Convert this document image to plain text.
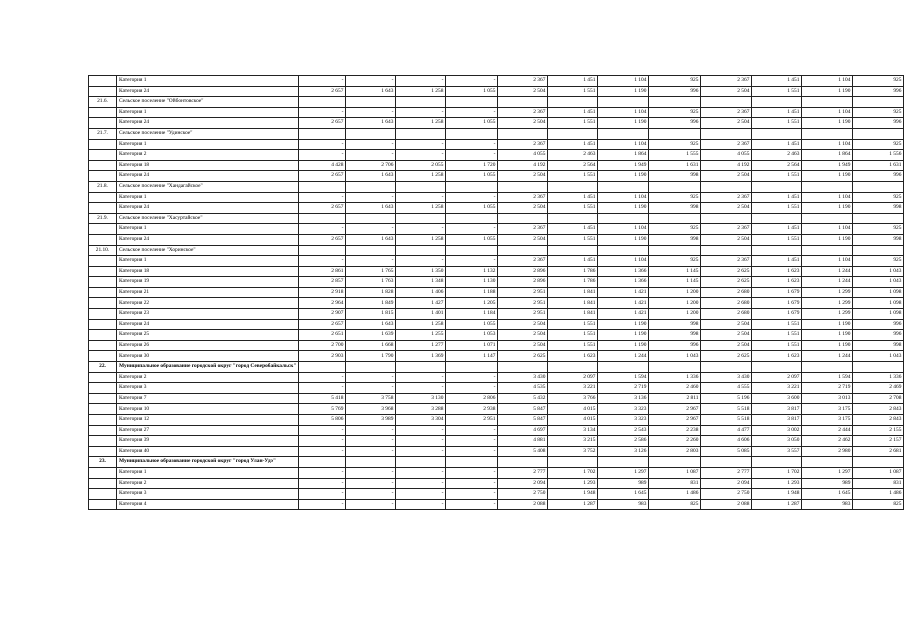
	Категория 1	-	-	-	-	2 367	1 451	1 104	925	2 367	1 451	1 104	925
	Категория 24	2 657	1 643	1 258	1 055	2 504	1 551	1 190	996	2 504	1 551	1 190	996
21.6.	Сельское поселение "Ойбонтовское"												
	Категория 1	-	-	-	-	2 367	1 451	1 104	925	2 367	1 451	1 104	925
	Категория 24	2 657	1 643	1 258	1 055	2 504	1 551	1 190	996	2 504	1 551	1 190	996
21.7.	Сельское поселение "Удинское"												
	Категория 1	-	-	-	-	2 367	1 451	1 104	925	2 367	1 451	1 104	925
	Категория 2	-	-	-	-	4 055	2 463	1 864	1 555	4 055	2 463	1 864	1 556
	Категория 18	4 428	2 706	2 055	1 720	4 192	2 564	1 949	1 631	4 192	2 564	1 949	1 631
	Категория 24	2 657	1 643	1 258	1 055	2 504	1 551	1 190	998	2 504	1 551	1 190	996
21.8.	Сельское поселение "Хандагайское"												
	Категория 1	-	-	-	-	2 367	1 451	1 104	925	2 367	1 451	1 104	925
	Категория 24	2 657	1 643	1 258	1 055	2 504	1 551	1 190	998	2 504	1 551	1 190	998
21.9.	Сельское поселение "Хасуртайское"												
	Категория 1	-	-	-	-	2 367	1 451	1 104	925	2 367	1 451	1 104	925
	Категория 24	2 657	1 643	1 258	1 055	2 504	1 551	1 190	998	2 504	1 551	1 190	998
21.10.	Сельское поселение "Хоринское"												
	Категория 1	-	-	-	-	2 367	1 451	1 104	925	2 367	1 451	1 104	925
	Категория 18	2 861	1 765	1 350	1 132	2 896	1 786	1 366	1 145	2 625	1 623	1 244	1 043
	Категория 19	2 857	1 763	1 348	1 130	2 896	1 786	1 366	1 145	2 625	1 623	1 244	1 043
	Категория 21	2 918	1 828	1 406	1 188	2 951	1 841	1 421	1 200	2 680	1 679	1 299	1 098
	Категория 22	2 964	1 849	1 427	1 205	2 951	1 841	1 421	1 200	2 680	1 679	1 299	1 098
	Категория 23	2 907	1 815	1 401	1 184	2 951	1 841	1 421	1 200	2 680	1 679	1 299	1 098
	Категория 24	2 657	1 643	1 258	1 055	2 504	1 551	1 190	998	2 504	1 551	1 190	996
	Категория 25	2 651	1 639	1 255	1 053	2 504	1 551	1 190	998	2 504	1 551	1 190	996
	Категория 26	2 700	1 668	1 277	1 071	2 504	1 551	1 190	996	2 504	1 551	1 190	998
	Категория 30	2 903	1 790	1 369	1 147	2 625	1 623	1 244	1 043	2 625	1 623	1 244	1 043
22.	Муниципальное образование городской округ "город Северобайкальск"												
	Категория 2	-	-	-	-	3 430	2 097	1 594	1 336	3 430	2 097	1 594	1 336
	Категория 3	-	-	-	-	4 535	3 221	2 719	2 460	4 555	3 221	2 719	2 469
	Категория 7	5 418	3 758	3 130	2 806	5 432	3 766	3 136	2 811	5 196	3 600	3 013	2 708
	Категория 10	5 769	3 968	3 288	2 938	5 847	4 015	3 323	2 967	5 518	3 817	3 175	2 843
	Категория 12	5 806	3 989	3 304	2 951	5 847	4 015	3 323	2 967	5 518	3 817	3 175	2 843
	Категория 27	-	-	-	-	4 697	3 134	2 543	2 238	4 477	3 002	2 444	2 155
	Категория 39	-	-	-	-	4 881	3 215	2 586	2 260	4 606	3 050	2 462	2 157
	Категория 40	-	-	-	-	5 408	3 752	3 126	2 803	5 085	3 557	2 980	2 681
23.	Муниципальное образование городской округ "город Улан-Удэ"												
	Категория 1	-	-	-	-	2 777	1 702	1 297	1 087	2 777	1 702	1 297	1 087
	Категория 2	-	-	-	-	2 094	1 293	989	831	2 094	1 293	989	831
	Категория 3	-	-	-	-	2 750	1 948	1 645	1 486	2 750	1 948	1 645	1 486
	Категория 4	-	-	-	-	2 088	1 287	983	825	2 088	1 287	983	825
